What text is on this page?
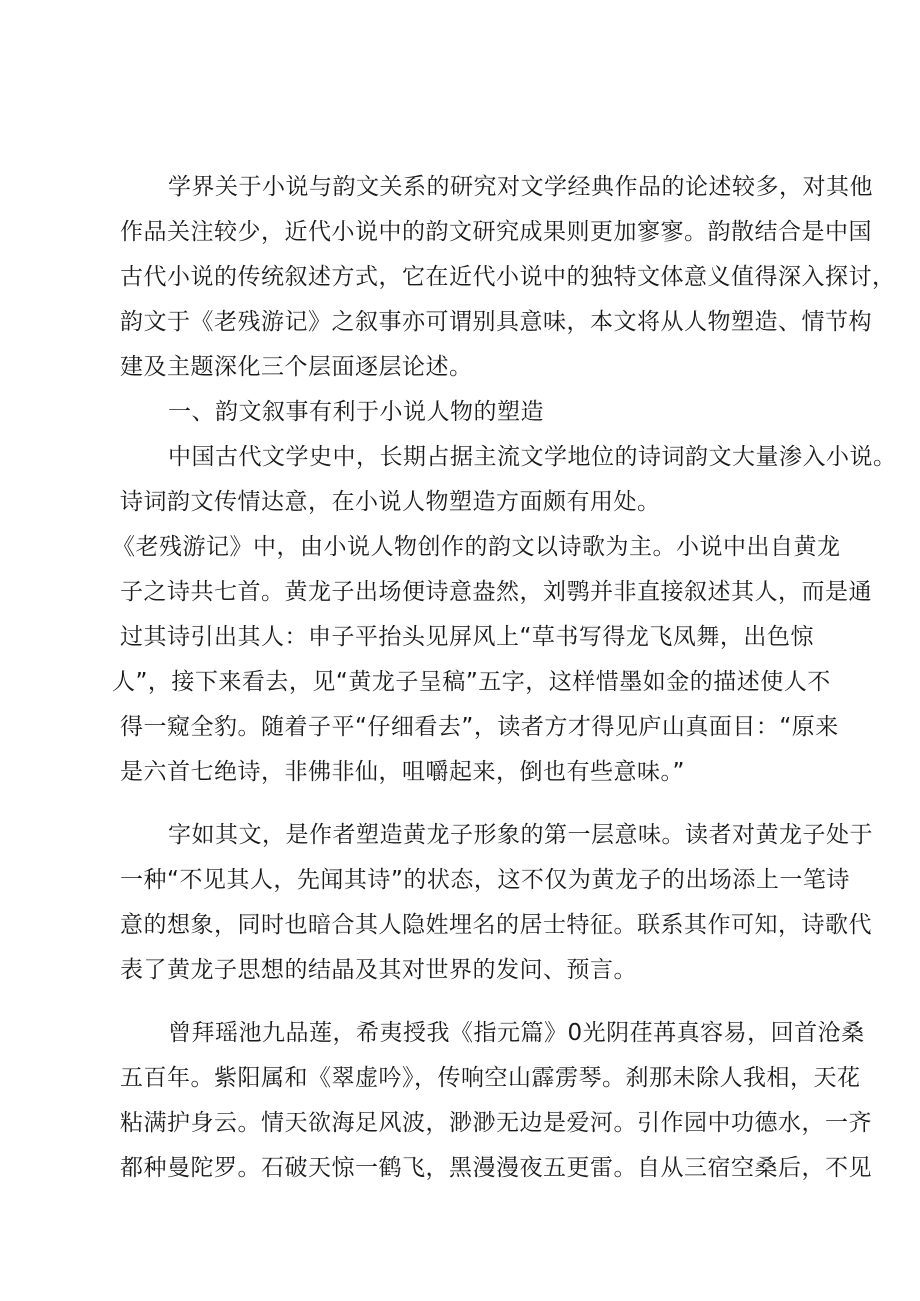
学界关于小说与韵文关系的研究对文学经典作品的论述较多，对其他
作品关注较少，近代小说中的韵文研究成果则更加寥寥。韵散结合是中国
古代小说的传统叙述方式，它在近代小说中的独特文体意义值得深入探讨，
韵文于《老残游记》之叙事亦可谓别具意味，本文将从人物塑造、情节构
建及主题深化三个层面逐层论述。
一、韵文叙事有利于小说人物的塑造
中国古代文学史中，长期占据主流文学地位的诗词韵文大量渗入小说。
诗词韵文传情达意，在小说人物塑造方面颇有用处。
《老残游记》中，由小说人物创作的韵文以诗歌为主。小说中出自黄龙
子之诗共七首。黄龙子出场便诗意盎然，刘鹗并非直接叙述其人，而是通
过其诗引出其人：申子平抬头见屏风上“草书写得龙飞凤舞，出色惊
人”，接下来看去，见“黄龙子呈稿”五字，这样惜墨如金的描述使人不
得一窥全豹。随着子平“仔细看去”，读者方才得见庐山真面目：“原来
是六首七绝诗，非佛非仙，咀嚼起来，倒也有些意味。”
字如其文，是作者塑造黄龙子形象的第一层意味。读者对黄龙子处于
一种“不见其人，先闻其诗”的状态，这不仅为黄龙子的出场添上一笔诗
意的想象，同时也暗合其人隐姓埋名的居士特征。联系其作可知，诗歌代
表了黄龙子思想的结晶及其对世界的发问、预言。
曾拜瑶池九品莲，希夷授我《指元篇》0光阴荏苒真容易，回首沧桑
五百年。紫阳属和《翠虚吟》，传响空山霹雳琴。刹那未除人我相，天花
粘满护身云。情天欲海足风波，渺渺无边是爱河。引作园中功德水，一齐
都种曼陀罗。石破天惊一鹤飞，黑漫漫夜五更雷。自从三宿空桑后，不见
